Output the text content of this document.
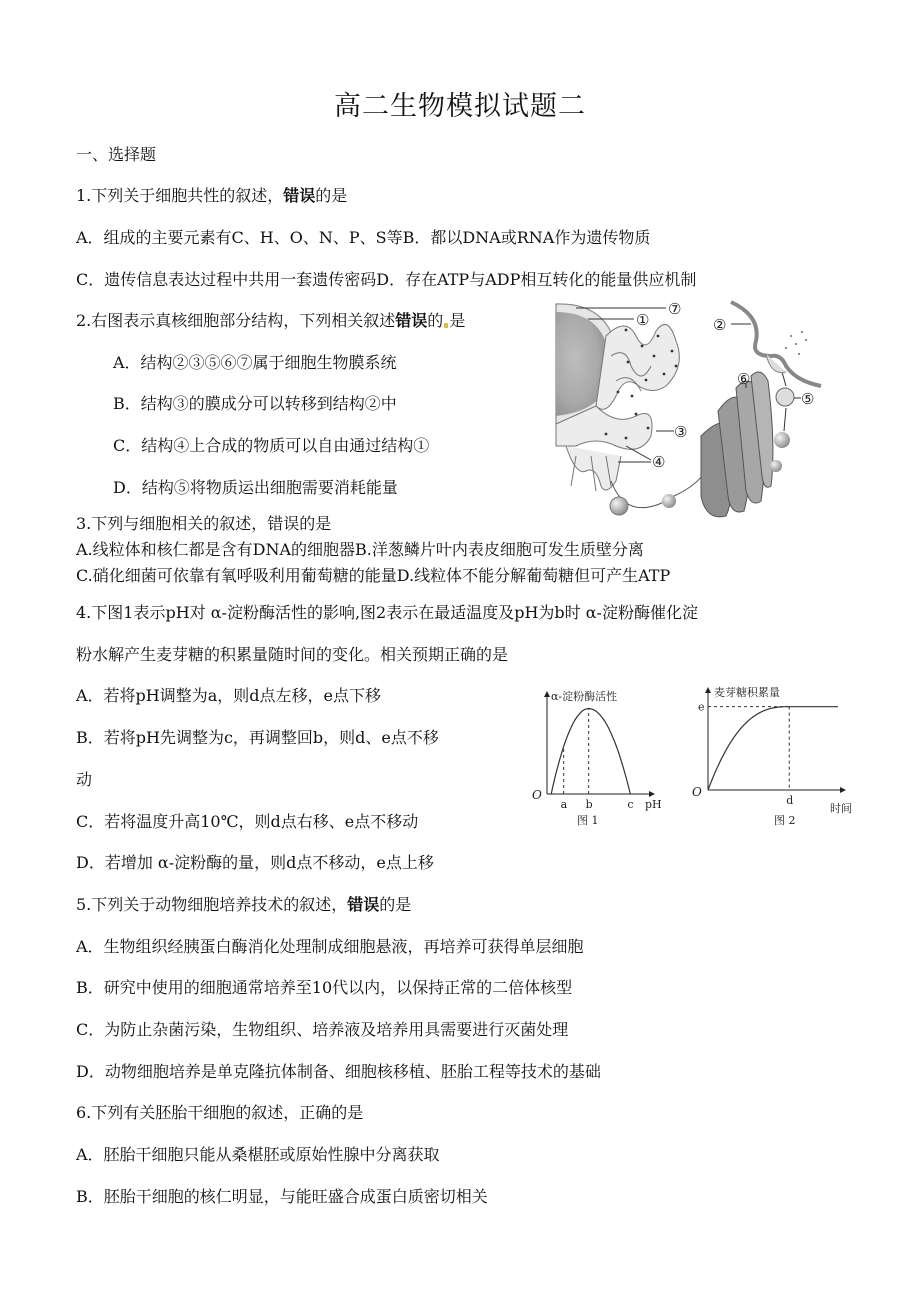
高二生物模拟试题二
一、选择题
1.下列关于细胞共性的叙述，错误的是
A．组成的主要元素有C、H、O、N、P、S等B．都以DNA或RNA作为遗传物质
C．遗传信息表达过程中共用一套遗传密码D．存在ATP与ADP相互转化的能量供应机制
2.右图表示真核细胞部分结构，下列相关叙述错误的 是
A．结构②③⑤⑥⑦属于细胞生物膜系统
B．结构③的膜成分可以转移到结构②中
C．结构④上合成的物质可以自由通过结构①
D．结构⑤将物质运出细胞需要消耗能量
⑦
①	②
③
④
⑤
⑥
3.下列与细胞相关的叙述，错误的是
A.线粒体和核仁都是含有DNA的细胞器B.洋葱鳞片叶内表皮细胞可发生质壁分离
C.硝化细菌可依靠有氧呼吸利用葡萄糖的能量D.线粒体不能分解葡萄糖但可产生ATP
4.下图1表示pH对 α-淀粉酶活性的影响,图2表示在最适温度及pH为b时 α-淀粉酶催化淀
粉水解产生麦芽糖的积累量随时间的变化。相关预期正确的是
A．若将pH调整为a，则d点左移，e点下移
B．若将pH先调整为c，再调整回b，则d、e点不移
动
C．若将温度升高10℃，则d点右移、e点不移动
D．若增加 α-淀粉酶的量，则d点不移动，e点上移
α-淀粉酶活性
O
a b	c pH
图 1
麦芽糖积累量
O
e
d
时间
图 2
5.下列关于动物细胞培养技术的叙述，错误的是
A．生物组织经胰蛋白酶消化处理制成细胞悬液，再培养可获得单层细胞
B．研究中使用的细胞通常培养至10代以内，以保持正常的二倍体核型
C．为防止杂菌污染，生物组织、培养液及培养用具需要进行灭菌处理
D．动物细胞培养是单克隆抗体制备、细胞核移植、胚胎工程等技术的基础
6.下列有关胚胎干细胞的叙述，正确的是
A．胚胎干细胞只能从桑椹胚或原始性腺中分离获取
B．胚胎干细胞的核仁明显，与能旺盛合成蛋白质密切相关
